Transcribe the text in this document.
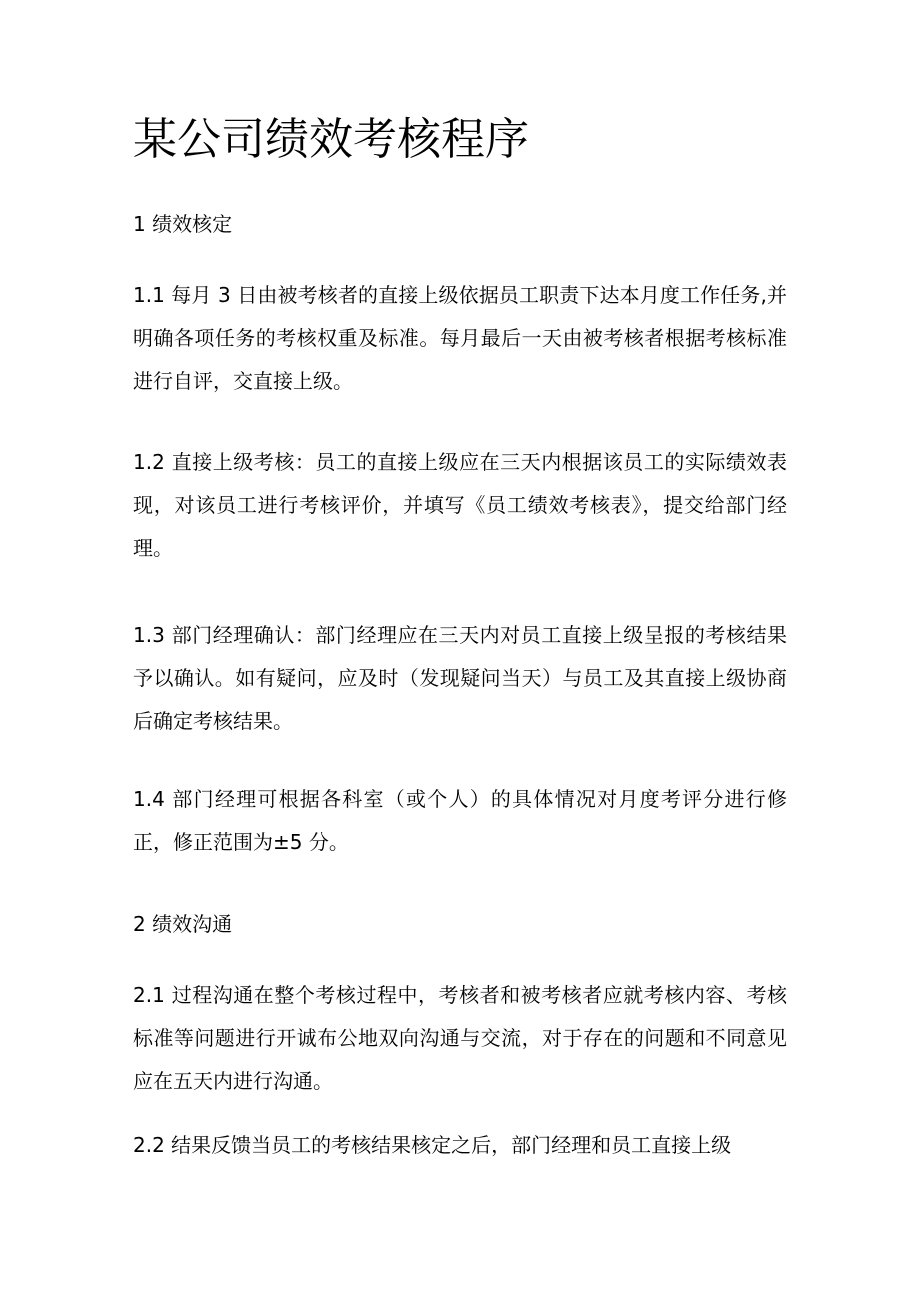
某公司绩效考核程序

1 绩效核定

1.1 每月 3 日由被考核者的直接上级依据员工职责下达本月度工作任务,并明确各项任务的考核权重及标准。每月最后一天由被考核者根据考核标准进行自评，交直接上级。

1.2 直接上级考核：员工的直接上级应在三天内根据该员工的实际绩效表现，对该员工进行考核评价，并填写《员工绩效考核表》，提交给部门经理。

1.3 部门经理确认：部门经理应在三天内对员工直接上级呈报的考核结果予以确认。如有疑问，应及时（发现疑问当天）与员工及其直接上级协商后确定考核结果。

1.4 部门经理可根据各科室（或个人）的具体情况对月度考评分进行修正，修正范围为±5 分。

2 绩效沟通

2.1 过程沟通在整个考核过程中，考核者和被考核者应就考核内容、考核标准等问题进行开诚布公地双向沟通与交流，对于存在的问题和不同意见应在五天内进行沟通。

2.2 结果反馈当员工的考核结果核定之后，部门经理和员工直接上级
